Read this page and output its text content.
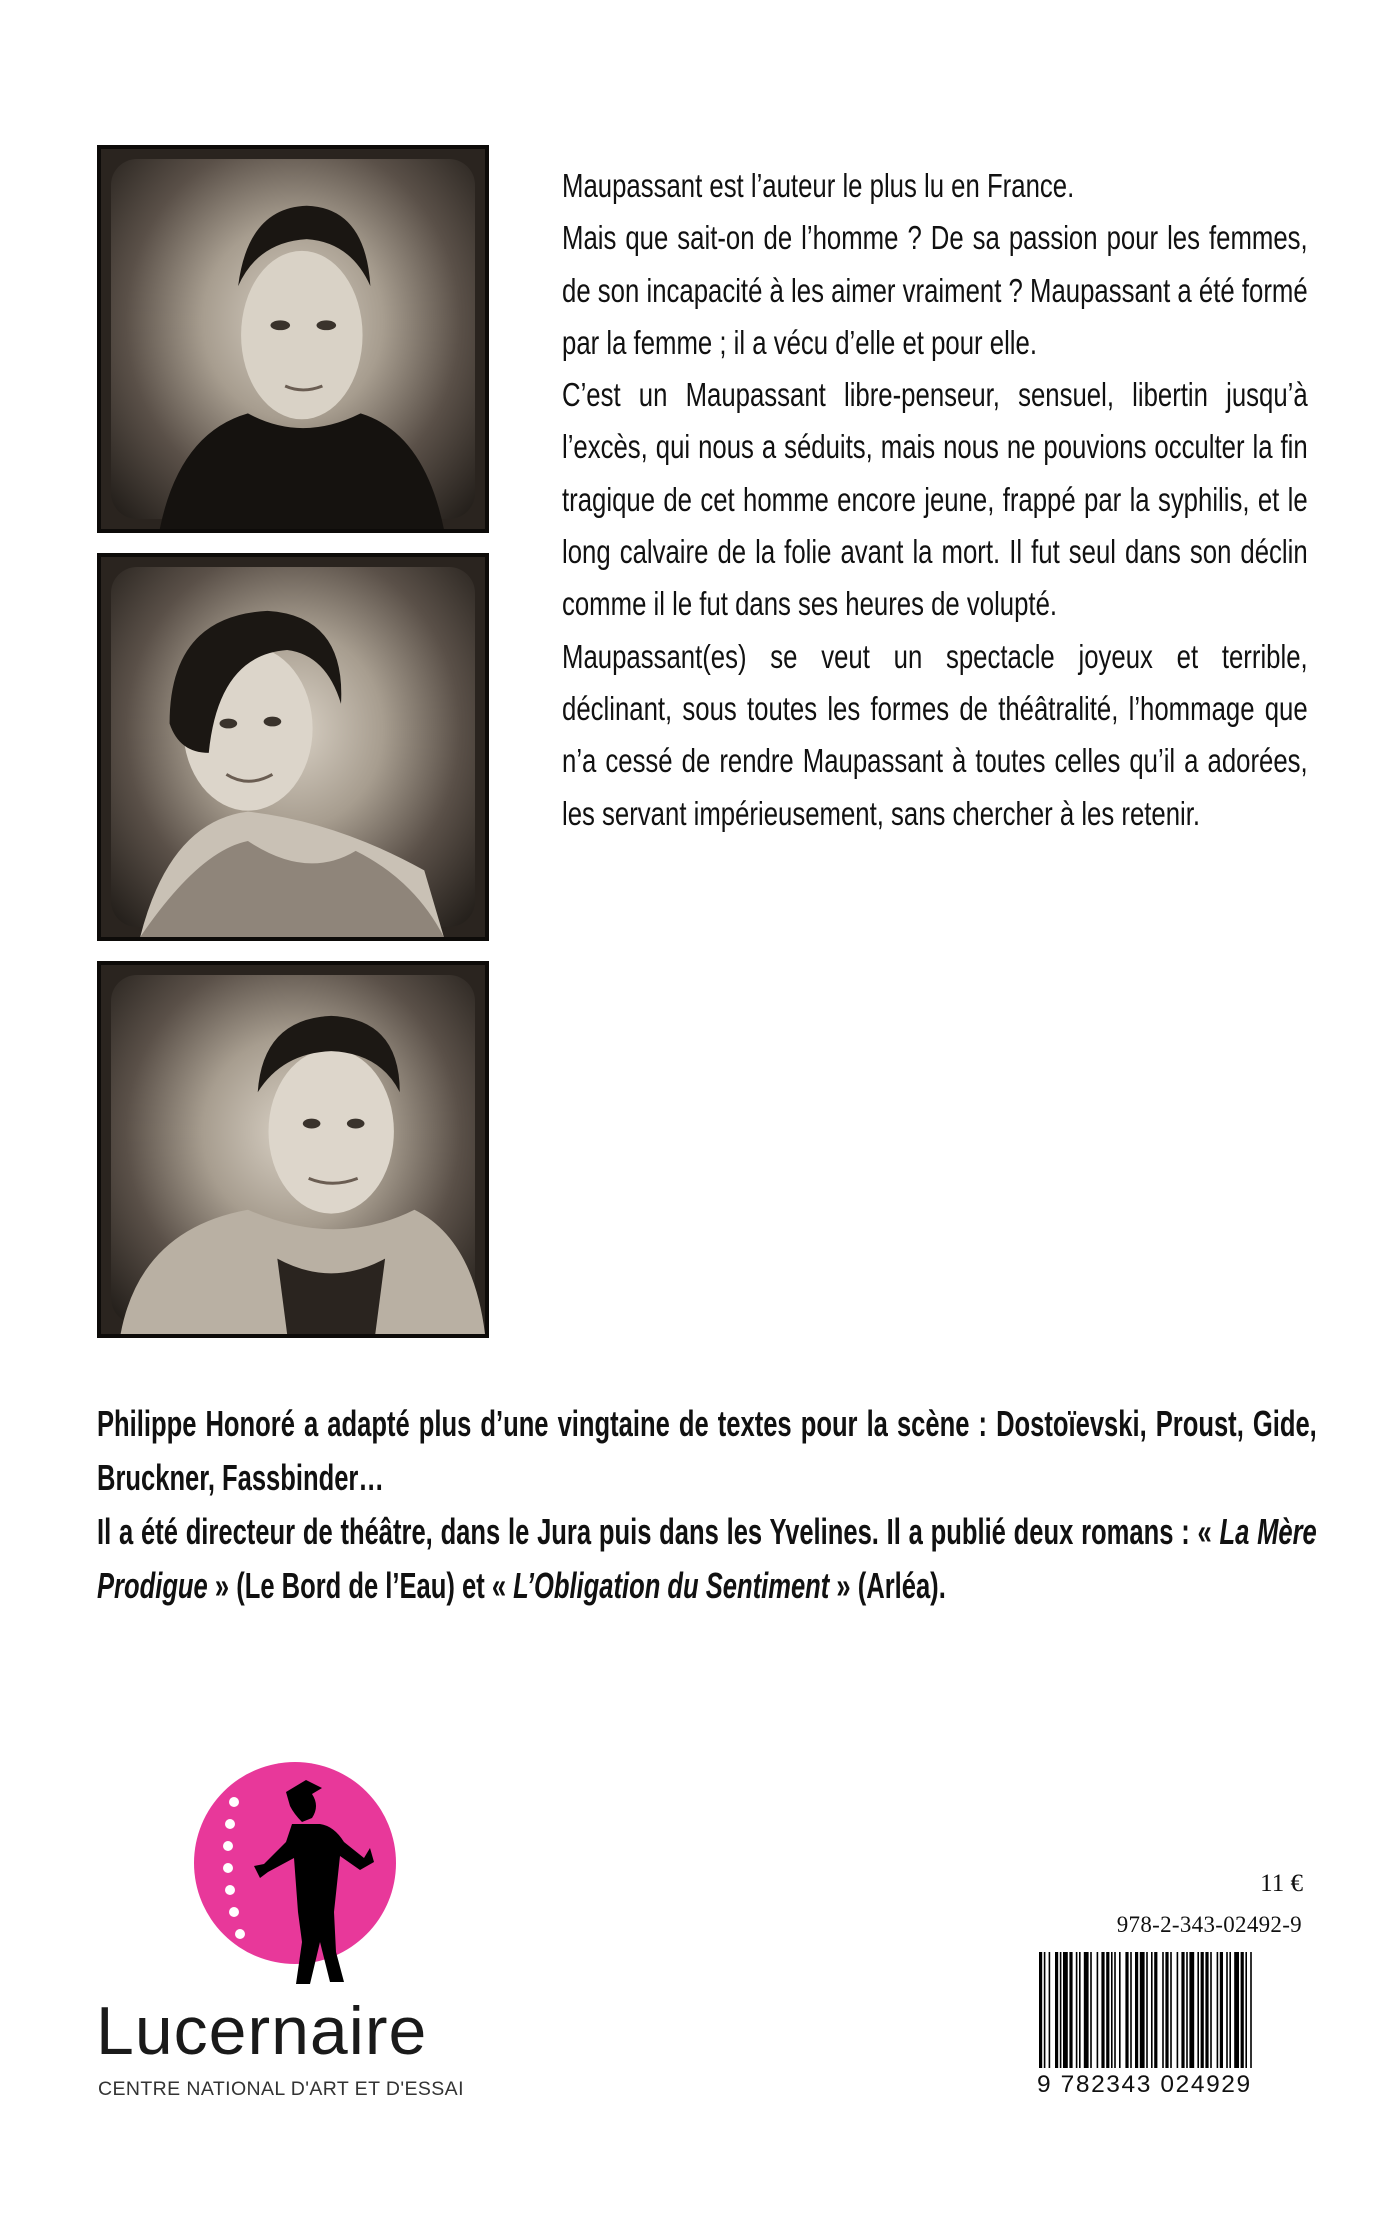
Maupassant est l’auteur le plus lu en France.

Mais que sait-on de l’homme ? De sa passion pour les femmes, de son incapacité à les aimer vraiment ? Maupassant a été formé par la femme ; il a vécu d’elle et pour elle.

C’est un Maupassant libre-penseur, sensuel, libertin jusqu’à l’excès, qui nous a séduits, mais nous ne pouvions occulter la fin tragique de cet homme encore jeune, frappé par la syphilis, et le long calvaire de la folie avant la mort. Il fut seul dans son déclin comme il le fut dans ses heures de volupté.

Maupassant(es) se veut un spectacle joyeux et terrible, déclinant, sous toutes les formes de théâtralité, l’hommage que n’a cessé de rendre Maupassant à toutes celles qu’il a adorées, les servant impérieusement, sans chercher à les retenir.

Philippe Honoré a adapté plus d’une vingtaine de textes pour la scène : Dostoïevski, Proust, Gide, Bruckner, Fassbinder…

Il a été directeur de théâtre, dans le Jura puis dans les Yvelines. Il a publié deux romans : « La Mère Prodigue » (Le Bord de l’Eau) et « L’Obligation du Sentiment » (Arléa).

Lucernaire
CENTRE NATIONAL D'ART ET D'ESSAI
11 €
978-2-343-02492-9
9 782343 024929
